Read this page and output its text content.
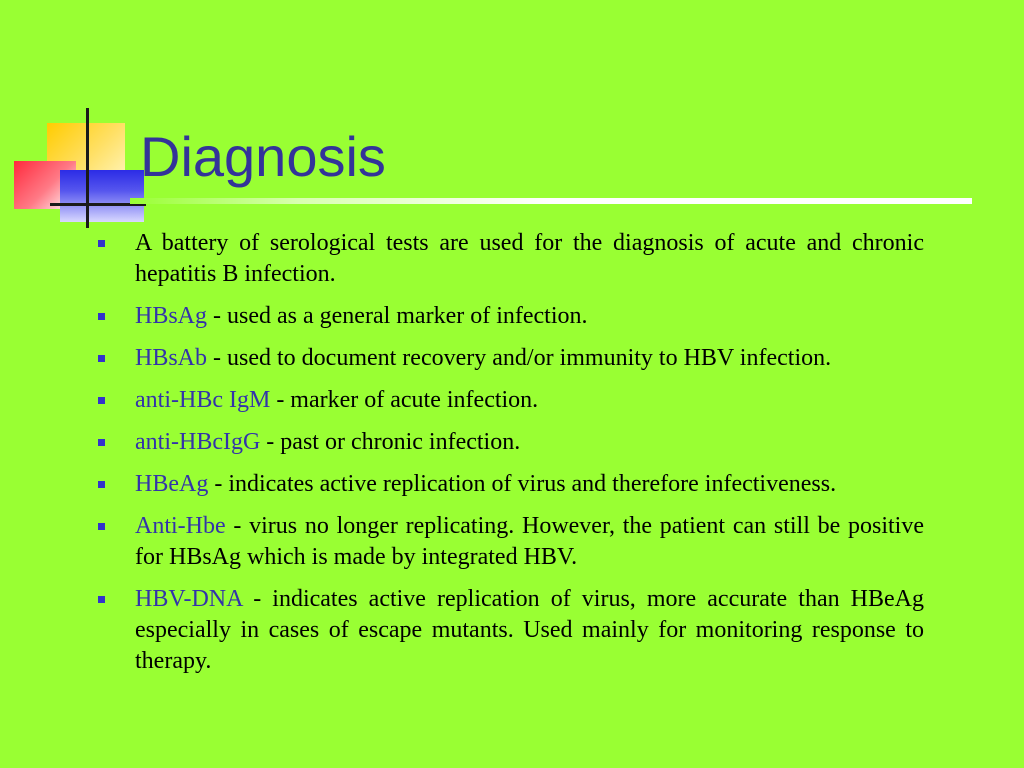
Diagnosis
A battery of serological tests are used for the diagnosis of acute and chronic hepatitis B infection.
HBsAg - used as a general marker of infection.
HBsAb - used to document recovery and/or immunity to HBV infection.
anti-HBc IgM - marker of acute infection.
anti-HBcIgG - past or chronic infection.
HBeAg - indicates active replication of virus and therefore infectiveness.
Anti-Hbe - virus no longer replicating. However, the patient can still be positive for HBsAg which is made by integrated HBV.
HBV-DNA - indicates active replication of virus, more accurate than HBeAg especially in cases of escape mutants. Used mainly for monitoring response to therapy.
